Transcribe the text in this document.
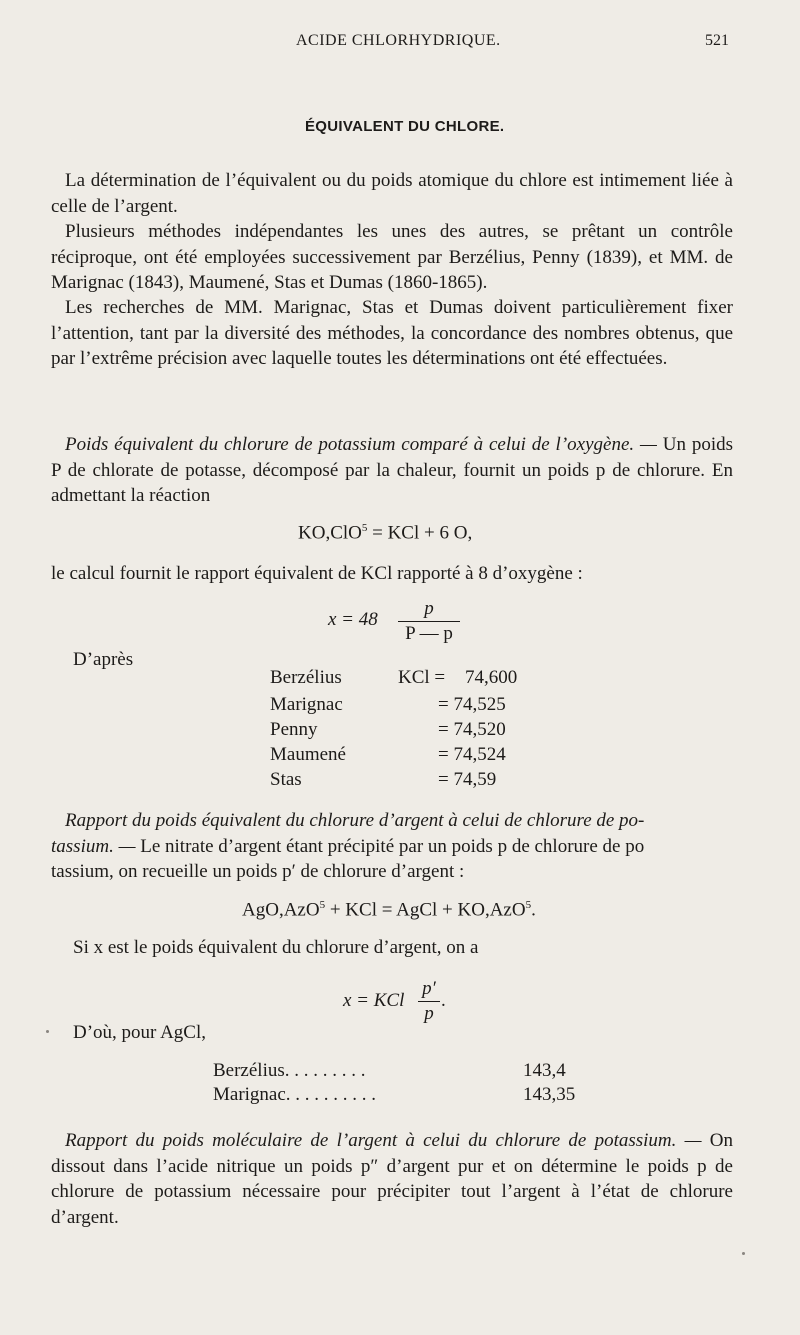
ACIDE CHLORHYDRIQUE.	521
ÉQUIVALENT DU CHLORE.
La détermination de l’équivalent ou du poids atomique du chlore est intimement liée à celle de l’argent.
Plusieurs méthodes indépendantes les unes des autres, se prêtant un contrôle réciproque, ont été employées successivement par Berzélius, Penny (1839), et MM. de Marignac (1843), Maumené, Stas et Dumas (1860-1865).
Les recherches de MM. Marignac, Stas et Dumas doivent particulièrement fixer l’attention, tant par la diversité des méthodes, la concordance des nombres obtenus, que par l’extrême précision avec laquelle toutes les déterminations ont été effectuées.
Poids équivalent du chlorure de potassium comparé à celui de l’oxygène. — Un poids P de chlorate de potasse, décomposé par la chaleur, fournit un poids p de chlorure. En admettant la réaction
KO,ClO$^5$ = KCl + 6 O,
le calcul fournit le rapport équivalent de KCl rapporté à 8 d’oxygène :
x = 48
p
P — p
D’après
Berzélius	KCl = 74,600
Marignac	= 74,525
Penny	= 74,520
Maumené	= 74,524
Stas	= 74,59
Rapport du poids équivalent du chlorure d’argent à celui de chlorure de po-
tassium. — Le nitrate d’argent étant précipité par un poids p de chlorure de po
tassium, on recueille un poids p′ de chlorure d’argent :
AgO,AzO$^5$ + KCl = AgCl + KO,AzO$^5$.
Si x est le poids équivalent du chlorure d’argent, on a
x = KCl
p′
p
.
D’où, pour AgCl,
Berzélius. . . . . . . . .	143,4
Marignac. . . . . . . . . .	143,35
Rapport du poids moléculaire de l’argent à celui du chlorure de potassium. — On dissout dans l’acide nitrique un poids p″ d’argent pur et on détermine le poids p de chlorure de potassium nécessaire pour précipiter tout l’argent à l’état de chlorure d’argent.
